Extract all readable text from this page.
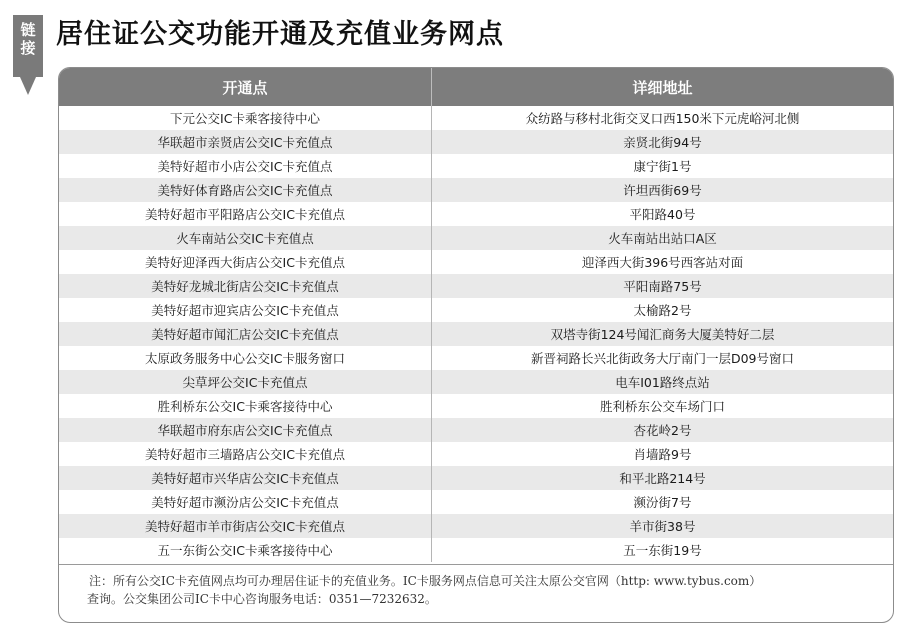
链
接 居住证公交功能开通及充值业务网点
开通点	详细地址
下元公交IC卡乘客接待中心	众纺路与移村北街交叉口西150米下元虎峪河北侧
华联超市亲贤店公交IC卡充值点	亲贤北街94号
美特好超市小店公交IC卡充值点	康宁街1号
美特好体育路店公交IC卡充值点	许坦西街69号
美特好超市平阳路店公交IC卡充值点	平阳路40号
火车南站公交IC卡充值点	火车南站出站口A区
美特好迎泽西大街店公交IC卡充值点	迎泽西大街396号西客站对面
美特好龙城北街店公交IC卡充值点	平阳南路75号
美特好超市迎宾店公交IC卡充值点	太榆路2号
美特好超市闻汇店公交IC卡充值点	双塔寺街124号闻汇商务大厦美特好二层
太原政务服务中心公交IC卡服务窗口	新晋祠路长兴北街政务大厅南门一层D09号窗口
尖草坪公交IC卡充值点	电车I01路终点站
胜利桥东公交IC卡乘客接待中心	胜利桥东公交车场门口
华联超市府东店公交IC卡充值点	杏花岭2号
美特好超市三墙路店公交IC卡充值点	肖墙路9号
美特好超市兴华店公交IC卡充值点	和平北路214号
美特好超市濒汾店公交IC卡充值点	濒汾街7号
美特好超市羊市街店公交IC卡充值点	羊市街38号
五一东街公交IC卡乘客接待中心	五一东街19号
注：所有公交IC卡充值网点均可办理居住证卡的充值业务。IC卡服务网点信息可关注太原公交官网（http: www.tybus.com）
查询。公交集团公司IC卡中心咨询服务电话：0351—7232632。
